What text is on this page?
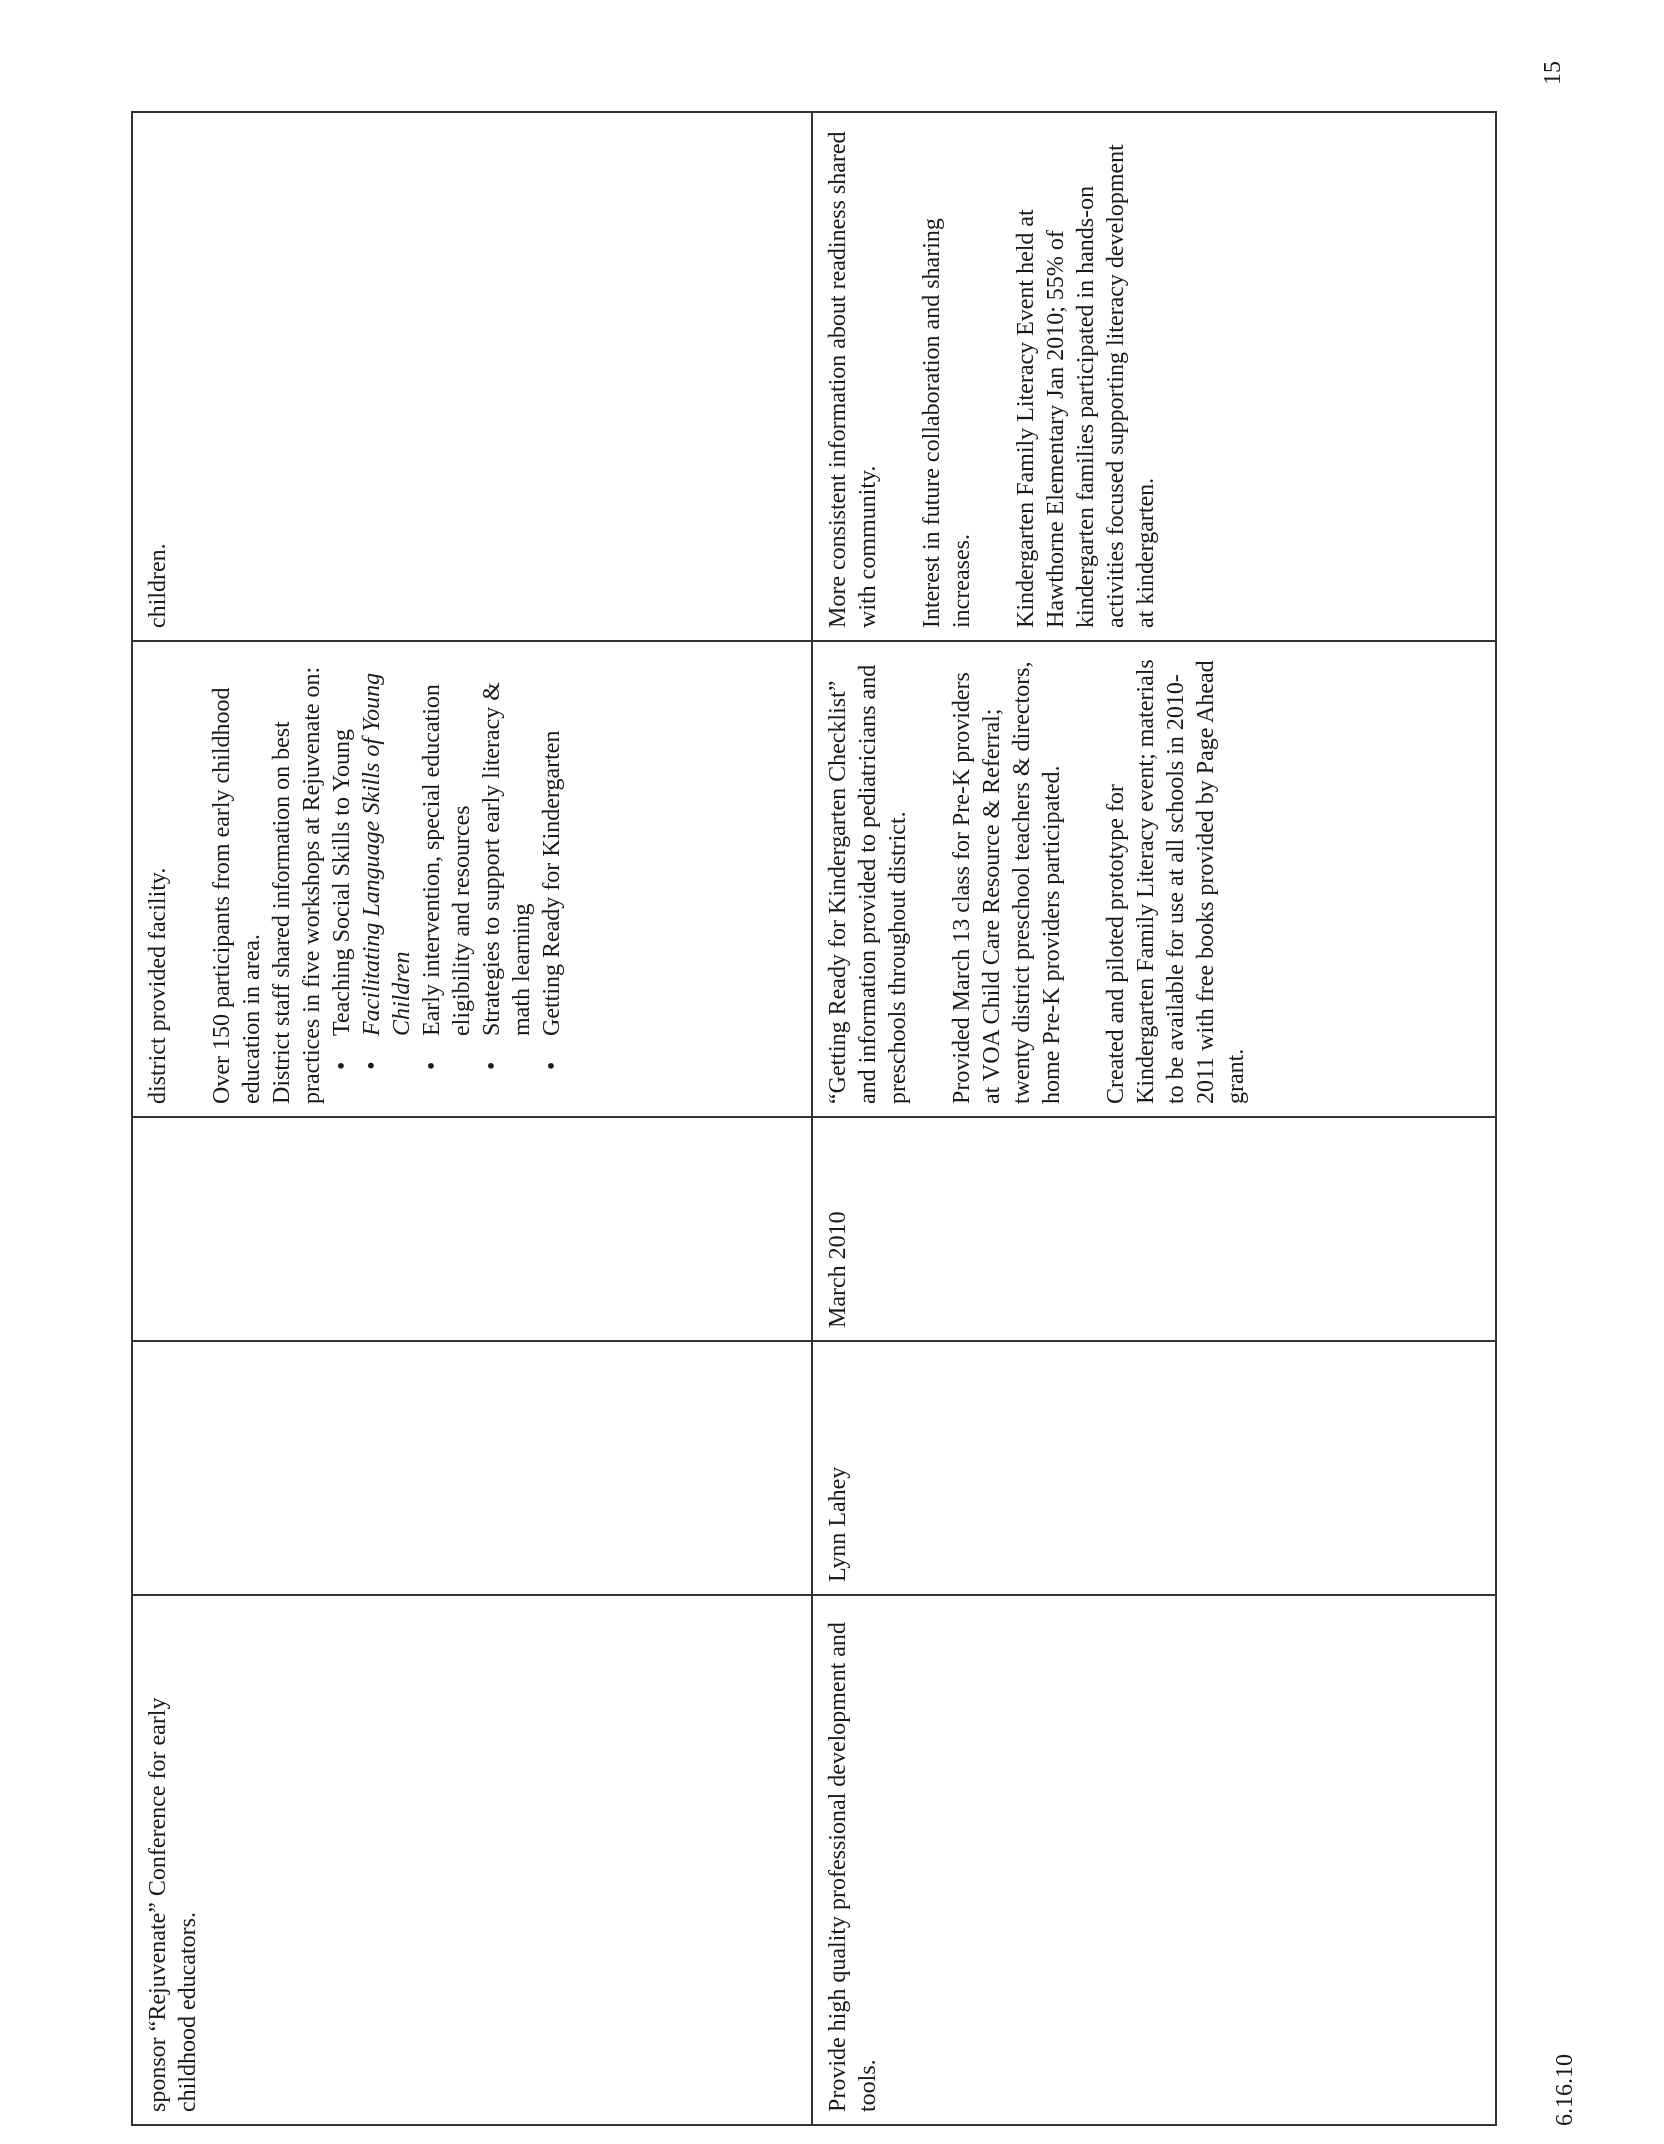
sponsor “Rejuvenate” Conference for early childhood educators.

district provided facility. Over 150 participants from early childhood education in area. District staff shared information on best practices in five workshops at Rejuvenate on: • Teaching Social Skills to Young • Facilitating Language Skills of Young Children • Early intervention, special education eligibility and resources • Strategies to support early literacy & math learning • Getting Ready for Kindergarten

children.

Provide high quality professional development and tools.

Lynn Lahey
March 2010

“Getting Ready for Kindergarten Checklist” and information provided to pediatricians and preschools throughout district. Provided March 13 class for Pre-K providers at VOA Child Care Resource & Referral; twenty district preschool teachers & directors, home Pre-K providers participated. Created and piloted prototype for Kindergarten Family Literacy event; materials to be available for use at all schools in 2010-2011 with free books provided by Page Ahead grant.

More consistent information about readiness shared with community. Interest in future collaboration and sharing increases. Kindergarten Family Literacy Event held at Hawthorne Elementary Jan 2010; 55% of kindergarten families participated in hands-on activities focused supporting literacy development at kindergarten.

15
6.16.10
